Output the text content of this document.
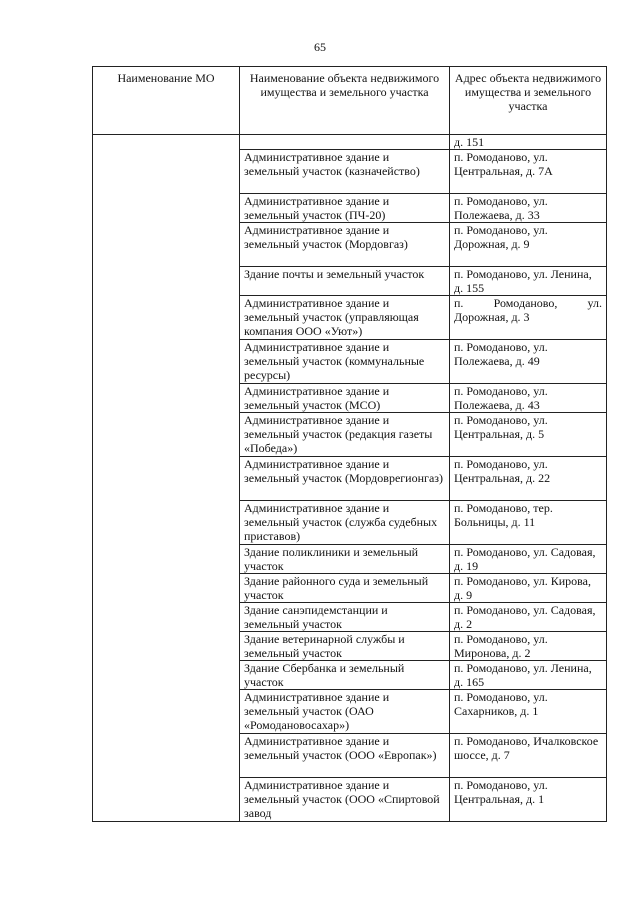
65
Наименование МО	Наименование объекта недвижимого имущества и земельного участка	Адрес объекта недвижимого имущества и земельного участка
		д. 151
	Административное здание и земельный участок (казначейство)	п. Ромоданово, ул. Центральная, д. 7А
	Административное здание и земельный участок (ПЧ-20)	п. Ромоданово, ул. Полежаева, д. 33
	Административное здание и земельный участок (Мордовгаз)	п. Ромоданово, ул. Дорожная, д. 9
	Здание почты и земельный участок	п. Ромоданово, ул. Ленина, д. 155
	Административное здание и земельный участок (управляющая компания ООО «Уют»)	п. Ромоданово, ул. Дорожная, д. 3
	Административное здание и земельный участок (коммунальные ресурсы)	п. Ромоданово, ул. Полежаева, д. 49
	Административное здание и земельный участок (МСО)	п. Ромоданово, ул. Полежаева, д. 43
	Административное здание и земельный участок (редакция газеты «Победа»)	п. Ромоданово, ул. Центральная, д. 5
	Административное здание и земельный участок (Мордоврегионгаз)	п. Ромоданово, ул. Центральная, д. 22
	Административное здание и земельный участок (служба судебных приставов)	п. Ромоданово, тер. Больницы, д. 11
	Здание поликлиники и земельный участок	п. Ромоданово, ул. Садовая, д. 19
	Здание районного суда и земельный участок	п. Ромоданово, ул. Кирова, д. 9
	Здание санэпидемстанции и земельный участок	п. Ромоданово, ул. Садовая, д. 2
	Здание ветеринарной службы и земельный участок	п. Ромоданово, ул. Миронова, д. 2
	Здание Сбербанка и земельный участок	п. Ромоданово, ул. Ленина, д. 165
	Административное здание и земельный участок (ОАО «Ромодановосахар»)	п. Ромоданово, ул. Сахарников, д. 1
	Административное здание и земельный участок (ООО «Европак»)	п. Ромоданово, Ичалковское шоссе, д. 7
	Административное здание и земельный участок (ООО «Спиртовой завод	п. Ромоданово, ул. Центральная, д. 1
